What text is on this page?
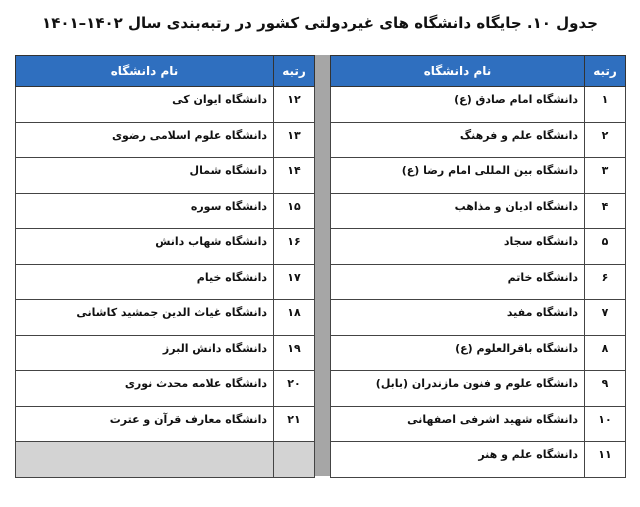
جدول ۱۰. جایگاه دانشگاه های غیردولتی کشور در رتبه‌بندی سال ۱۴۰۲–۱۴۰۱
رتبه	نام دانشگاه
۱	دانشگاه امام صادق (ع)
۲	دانشگاه علم و فرهنگ
۳	دانشگاه بین المللی امام رضا (ع)
۴	دانشگاه ادیان و مذاهب
۵	دانشگاه سجاد
۶	دانشگاه خاتم
۷	دانشگاه مفید
۸	دانشگاه باقرالعلوم (ع)
۹	دانشگاه علوم و فنون مازندران (بابل)
۱۰	دانشگاه شهید اشرفی اصفهانی
۱۱	دانشگاه علم و هنر
رتبه	نام دانشگاه
۱۲	دانشگاه ایوان کی
۱۳	دانشگاه علوم اسلامی رضوی
۱۴	دانشگاه شمال
۱۵	دانشگاه سوره
۱۶	دانشگاه شهاب دانش
۱۷	دانشگاه خیام
۱۸	دانشگاه غیاث الدین جمشید کاشانی
۱۹	دانشگاه دانش البرز
۲۰	دانشگاه علامه محدث نوری
۲۱	دانشگاه معارف قرآن و عترت
